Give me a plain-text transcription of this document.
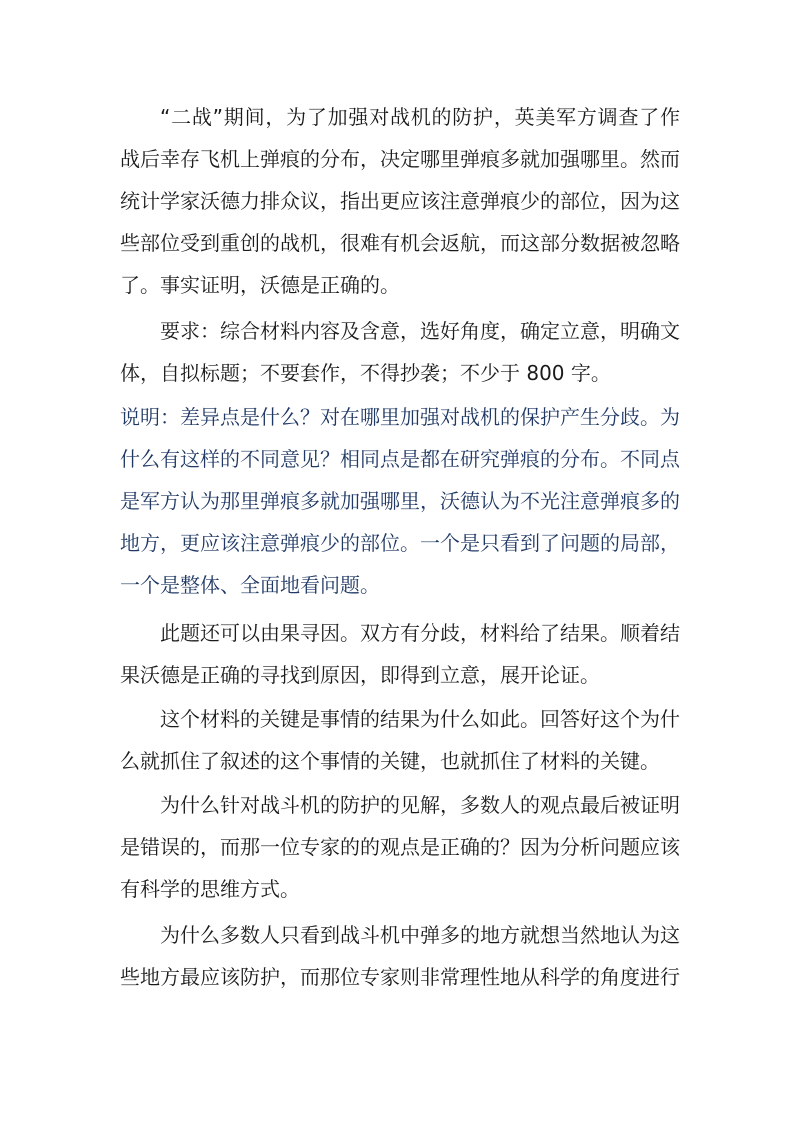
“二战”期间，为了加强对战机的防护，英美军方调查了作战后幸存飞机上弹痕的分布，决定哪里弹痕多就加强哪里。然而统计学家沃德力排众议，指出更应该注意弹痕少的部位，因为这些部位受到重创的战机，很难有机会返航，而这部分数据被忽略了。事实证明，沃德是正确的。

要求：综合材料内容及含意，选好角度，确定立意，明确文体，自拟标题；不要套作，不得抄袭；不少于 800 字。

说明：差异点是什么？对在哪里加强对战机的保护产生分歧。为什么有这样的不同意见？相同点是都在研究弹痕的分布。不同点是军方认为那里弹痕多就加强哪里，沃德认为不光注意弹痕多的地方，更应该注意弹痕少的部位。一个是只看到了问题的局部，一个是整体、全面地看问题。

此题还可以由果寻因。双方有分歧，材料给了结果。顺着结果沃德是正确的寻找到原因，即得到立意，展开论证。

这个材料的关键是事情的结果为什么如此。回答好这个为什么就抓住了叙述的这个事情的关键，也就抓住了材料的关键。

为什么针对战斗机的防护的见解，多数人的观点最后被证明是错误的，而那一位专家的的观点是正确的？因为分析问题应该有科学的思维方式。

为什么多数人只看到战斗机中弹多的地方就想当然地认为这些地方最应该防护，而那位专家则非常理性地从科学的角度进行
